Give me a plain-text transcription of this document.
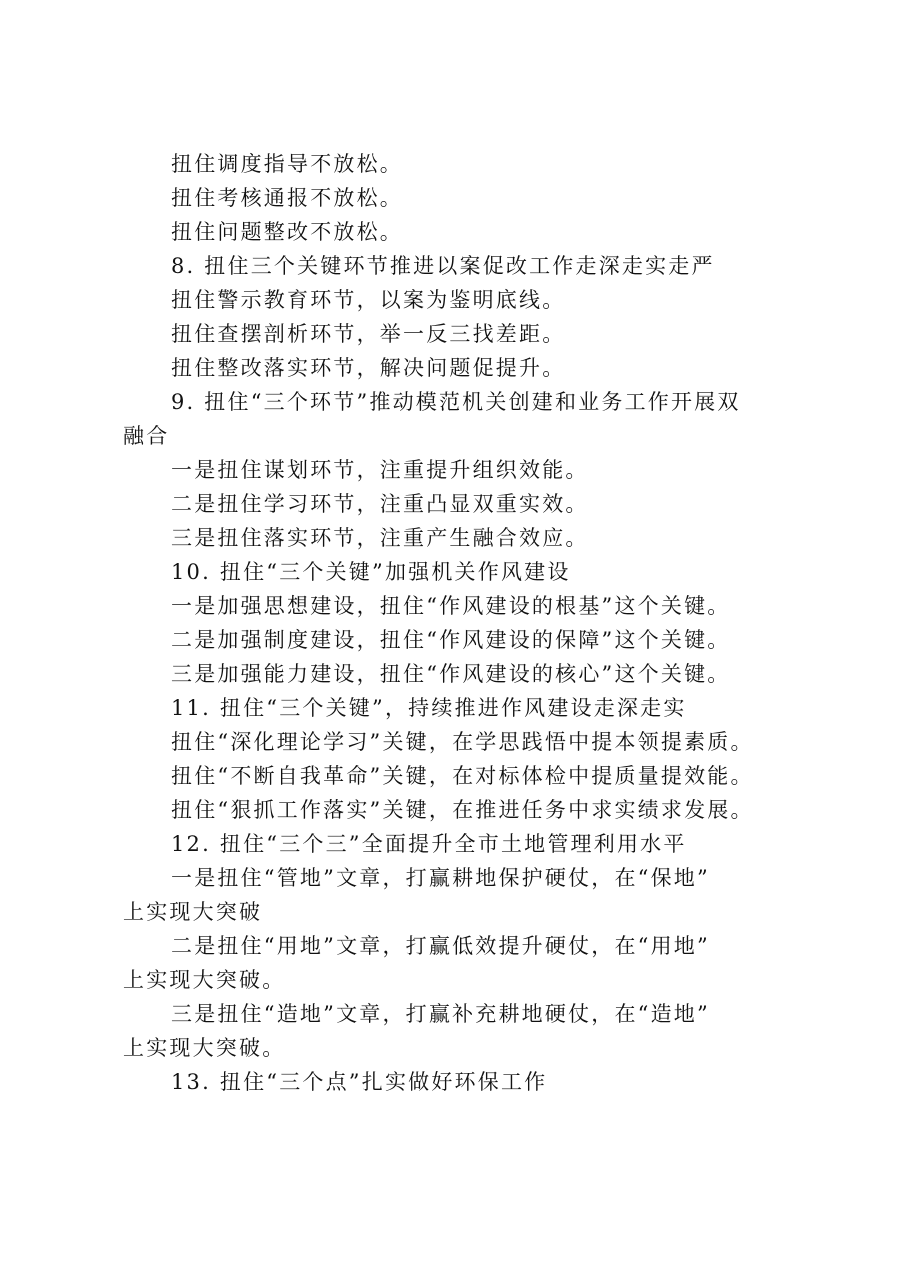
扭住调度指导不放松。
扭住考核通报不放松。
扭住问题整改不放松。
8. 扭住三个关键环节推进以案促改工作走深走实走严
扭住警示教育环节，以案为鉴明底线。
扭住查摆剖析环节，举一反三找差距。
扭住整改落实环节，解决问题促提升。
9. 扭住“三个环节”推动模范机关创建和业务工作开展双
融合
一是扭住谋划环节，注重提升组织效能。
二是扭住学习环节，注重凸显双重实效。
三是扭住落实环节，注重产生融合效应。
10. 扭住“三个关键”加强机关作风建设
一是加强思想建设，扭住“作风建设的根基”这个关键。
二是加强制度建设，扭住“作风建设的保障”这个关键。
三是加强能力建设，扭住“作风建设的核心”这个关键。
11. 扭住“三个关键”，持续推进作风建设走深走实
扭住“深化理论学习”关键，在学思践悟中提本领提素质。
扭住“不断自我革命”关键，在对标体检中提质量提效能。
扭住“狠抓工作落实”关键，在推进任务中求实绩求发展。
12. 扭住“三个三”全面提升全市土地管理利用水平
一是扭住“管地”文章，打赢耕地保护硬仗，在“保地”
上实现大突破
二是扭住“用地”文章，打赢低效提升硬仗，在“用地”
上实现大突破。
三是扭住“造地”文章，打赢补充耕地硬仗，在“造地”
上实现大突破。
13. 扭住“三个点”扎实做好环保工作
